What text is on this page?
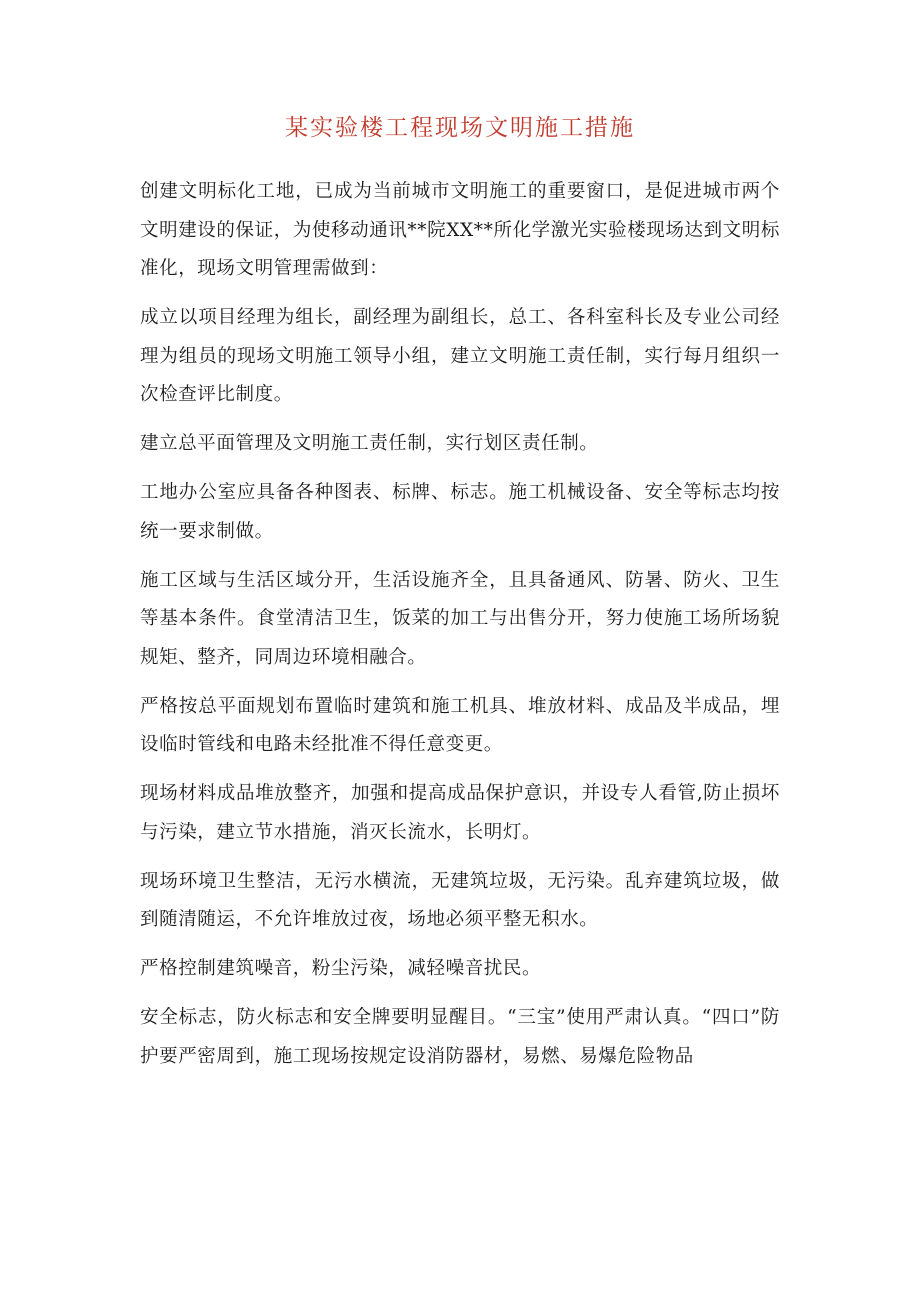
某实验楼工程现场文明施工措施

创建文明标化工地，已成为当前城市文明施工的重要窗口，是促进城市两个文明建设的保证，为使移动通讯**院XX**所化学激光实验楼现场达到文明标准化，现场文明管理需做到：

成立以项目经理为组长，副经理为副组长，总工、各科室科长及专业公司经理为组员的现场文明施工领导小组，建立文明施工责任制，实行每月组织一次检查评比制度。

建立总平面管理及文明施工责任制，实行划区责任制。

工地办公室应具备各种图表、标牌、标志。施工机械设备、安全等标志均按统一要求制做。

施工区域与生活区域分开，生活设施齐全，且具备通风、防暑、防火、卫生等基本条件。食堂清洁卫生，饭菜的加工与出售分开，努力使施工场所场貌规矩、整齐，同周边环境相融合。

严格按总平面规划布置临时建筑和施工机具、堆放材料、成品及半成品，埋设临时管线和电路未经批准不得任意变更。

现场材料成品堆放整齐，加强和提高成品保护意识，并设专人看管,防止损坏与污染，建立节水措施，消灭长流水，长明灯。

现场环境卫生整洁，无污水横流，无建筑垃圾，无污染。乱弃建筑垃圾，做到随清随运，不允许堆放过夜，场地必须平整无积水。

严格控制建筑噪音，粉尘污染，减轻噪音扰民。

安全标志，防火标志和安全牌要明显醒目。“三宝”使用严肃认真。“四口”防护要严密周到，施工现场按规定设消防器材，易燃、易爆危险物品
